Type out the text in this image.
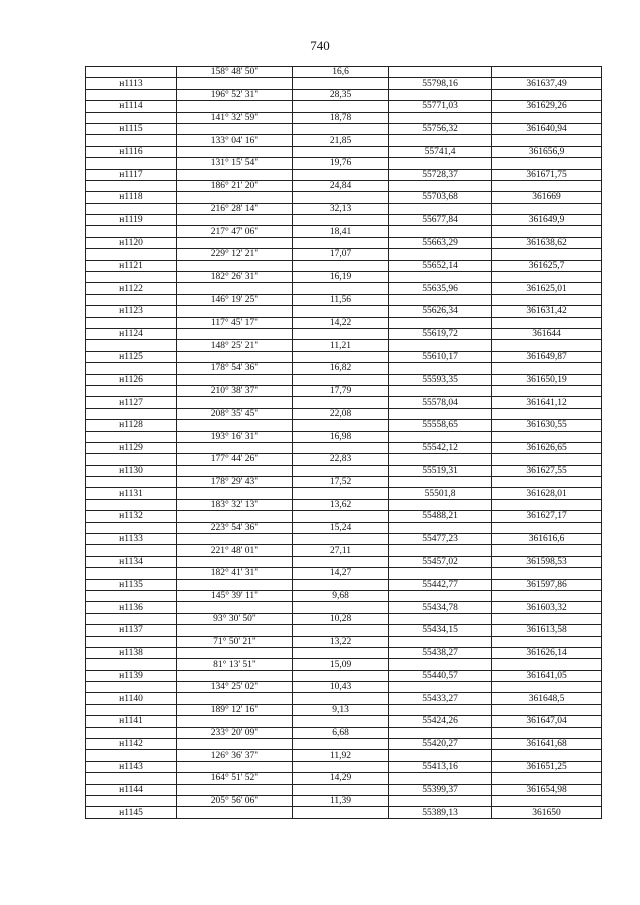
740
	158° 48' 50"	16,6		
н1113			55798,16	361637,49
	196° 52' 31"	28,35		
н1114			55771,03	361629,26
	141° 32' 59"	18,78		
н1115			55756,32	361640,94
	133° 04' 16"	21,85		
н1116			55741,4	361656,9
	131° 15' 54"	19,76		
н1117			55728,37	361671,75
	186° 21' 20"	24,84		
н1118			55703,68	361669
	216° 28' 14"	32,13		
н1119			55677,84	361649,9
	217° 47' 06"	18,41		
н1120			55663,29	361638,62
	229° 12' 21"	17,07		
н1121			55652,14	361625,7
	182° 26' 31"	16,19		
н1122			55635,96	361625,01
	146° 19' 25"	11,56		
н1123			55626,34	361631,42
	117° 45' 17"	14,22		
н1124			55619,72	361644
	148° 25' 21"	11,21		
н1125			55610,17	361649,87
	178° 54' 36"	16,82		
н1126			55593,35	361650,19
	210° 38' 37"	17,79		
н1127			55578,04	361641,12
	208° 35' 45"	22,08		
н1128			55558,65	361630,55
	193° 16' 31"	16,98		
н1129			55542,12	361626,65
	177° 44' 26"	22,83		
н1130			55519,31	361627,55
	178° 29' 43"	17,52		
н1131			55501,8	361628,01
	183° 32' 13"	13,62		
н1132			55488,21	361627,17
	223° 54' 36"	15,24		
н1133			55477,23	361616,6
	221° 48' 01"	27,11		
н1134			55457,02	361598,53
	182° 41' 31"	14,27		
н1135			55442,77	361597,86
	145° 39' 11"	9,68		
н1136			55434,78	361603,32
	93° 30' 50"	10,28		
н1137			55434,15	361613,58
	71° 50' 21"	13,22		
н1138			55438,27	361626,14
	81° 13' 51"	15,09		
н1139			55440,57	361641,05
	134° 25' 02"	10,43		
н1140			55433,27	361648,5
	189° 12' 16"	9,13		
н1141			55424,26	361647,04
	233° 20' 09"	6,68		
н1142			55420,27	361641,68
	126° 36' 37"	11,92		
н1143			55413,16	361651,25
	164° 51' 52"	14,29		
н1144			55399,37	361654,98
	205° 56' 06"	11,39		
н1145			55389,13	361650
